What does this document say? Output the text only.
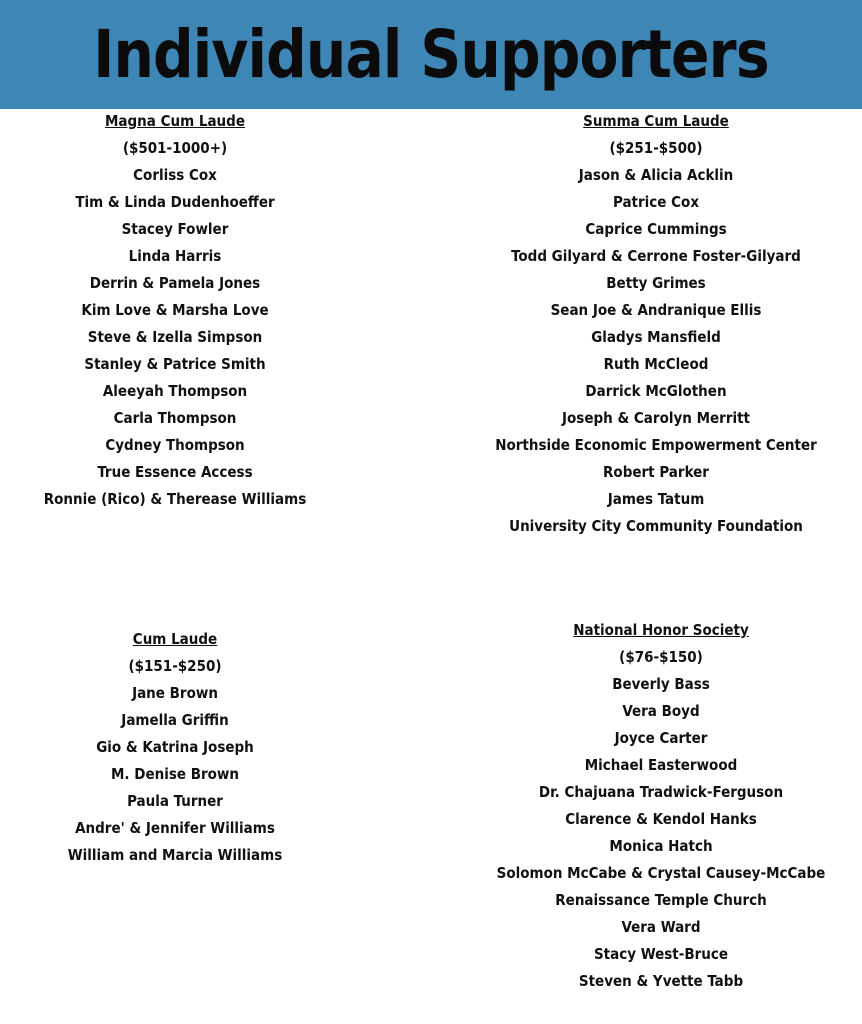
Individual Supporters
Magna Cum Laude
($501-1000+)
Corliss Cox
Tim & Linda Dudenhoeffer
Stacey Fowler
Linda Harris
Derrin & Pamela Jones
Kim Love & Marsha Love
Steve & Izella Simpson
Stanley & Patrice Smith
Aleeyah Thompson
Carla Thompson
Cydney Thompson
True Essence Access
Ronnie (Rico) & Therease Williams
Summa Cum Laude
($251-$500)
Jason & Alicia Acklin
Patrice Cox
Caprice Cummings
Todd Gilyard & Cerrone Foster-Gilyard
Betty Grimes
Sean Joe & Andranique Ellis
Gladys Mansfield
Ruth McCleod
Darrick McGlothen
Joseph & Carolyn Merritt
Northside Economic Empowerment Center
Robert Parker
James Tatum
University City Community Foundation
Cum Laude
($151-$250)
Jane Brown
Jamella Griffin
Gio & Katrina Joseph
M. Denise Brown
Paula Turner
Andre' & Jennifer Williams
William and Marcia Williams
National Honor Society
($76-$150)
Beverly Bass
Vera Boyd
Joyce Carter
Michael Easterwood
Dr. Chajuana Tradwick-Ferguson
Clarence & Kendol Hanks
Monica Hatch
Solomon McCabe & Crystal Causey-McCabe
Renaissance Temple Church
Vera Ward
Stacy West-Bruce
Steven & Yvette Tabb
